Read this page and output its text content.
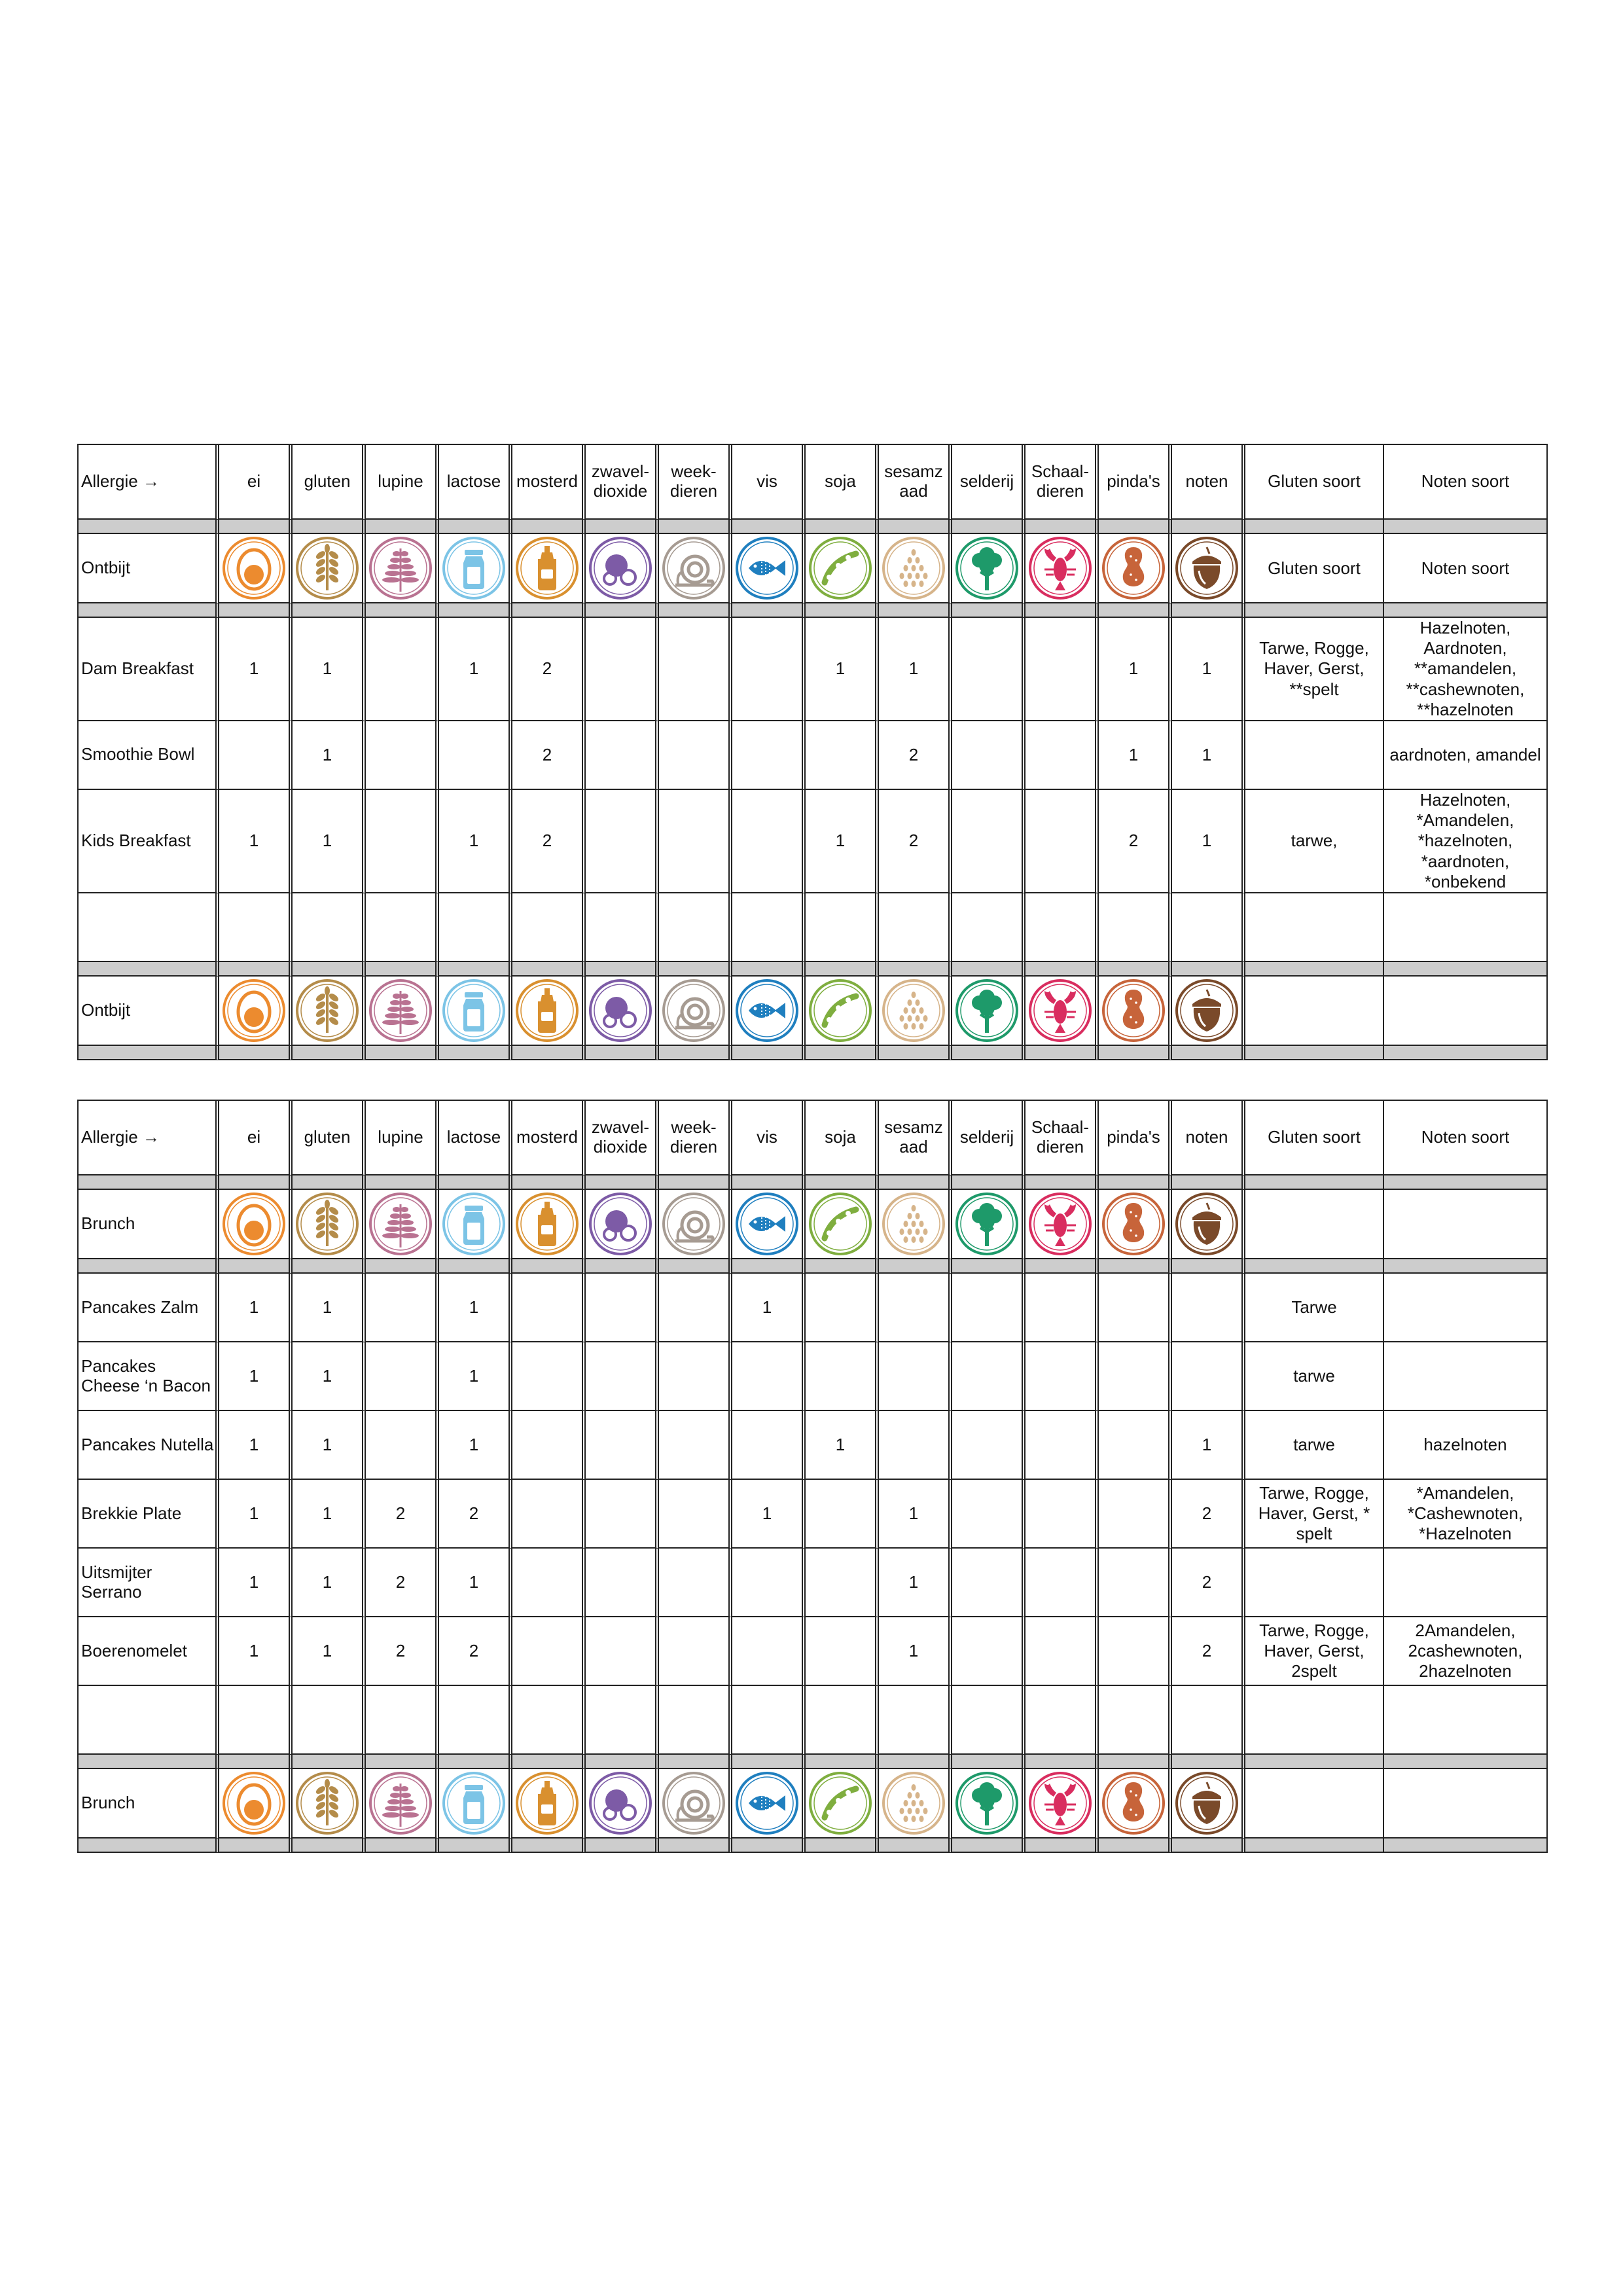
Allergie →	ei	gluten	lupine	lactose	mosterd	zwavel-dioxide	week-dieren	vis	soja	sesamz aad	selderij	Schaal-dieren	pinda's	noten	Gluten soort	Noten soort

Ontbijt															Gluten soort	Noten soort

Dam Breakfast	1	1		1	2				1	1			1	1	Tarwe, Rogge, Haver, Gerst, **spelt	Hazelnoten, Aardnoten, **amandelen, **cashewnoten, **hazelnoten
Smoothie Bowl		1			2					2			1	1		aardnoten, amandel
Kids Breakfast	1	1		1	2				1	2			2	1	tarwe,	Hazelnoten, *Amandelen, *hazelnoten, *aardnoten, *onbekend

Ontbijt	

Allergie →	ei	gluten	lupine	lactose	mosterd	zwavel-dioxide	week-dieren	vis	soja	sesamz aad	selderij	Schaal-dieren	pinda's	noten	Gluten soort	Noten soort

Brunch	

Pancakes Zalm	1	1		1				1							Tarwe	
Pancakes Cheese ‘n Bacon	1	1		1											tarwe	
Pancakes Nutella	1	1		1					1					1	tarwe	hazelnoten
Brekkie Plate	1	1	2	2				1		1				2	Tarwe, Rogge, Haver, Gerst, * spelt	*Amandelen, *Cashewnoten, *Hazelnoten
Uitsmijter Serrano	1	1	2	1						1				2		
Boerenomelet	1	1	2	2						1				2	Tarwe, Rogge, Haver, Gerst, 2spelt	2Amandelen, 2cashewnoten, 2hazelnoten

Brunch	
